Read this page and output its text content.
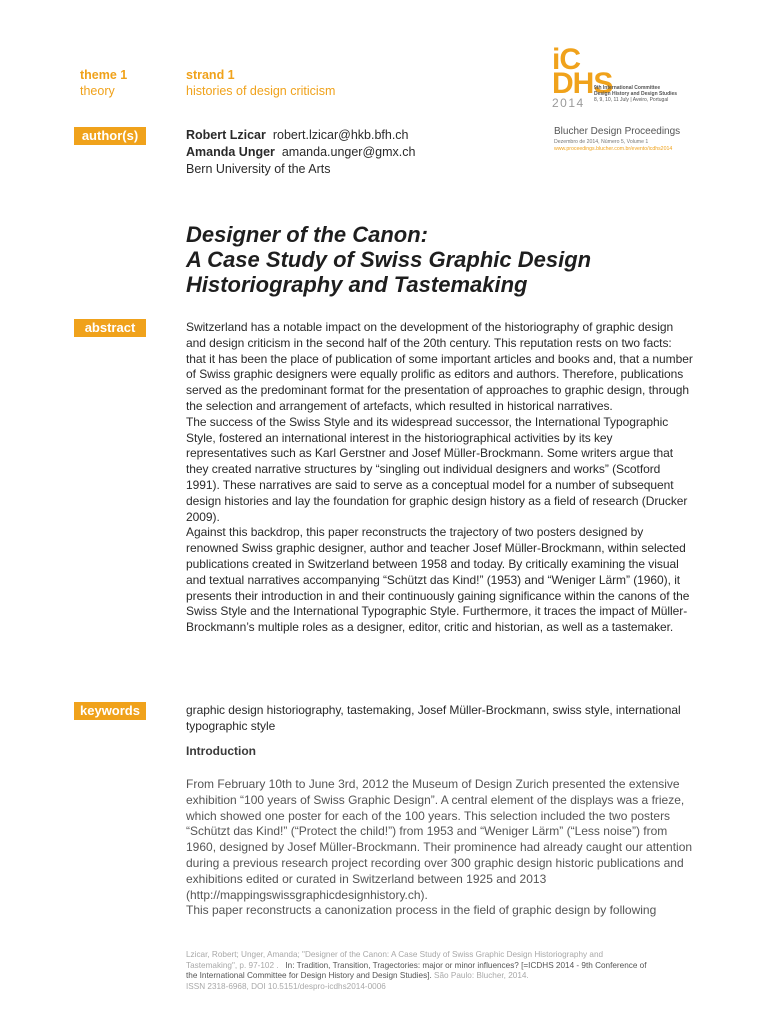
theme 1
theory
strand 1
histories of design criticism
iC
DHS
2014
9th International Committee
Design History and Design Studies
8, 9, 10, 11 July | Aveiro, Portugal
Blucher Design Proceedings
Dezembro de 2014, Número 5, Volume 1
www.proceedings.blucher.com.br/evento/icdhs2014
author(s)	Robert Lzicar robert.lzicar@hkb.bfh.ch
Amanda Unger amanda.unger@gmx.ch
Bern University of the Arts
Designer of the Canon:
A Case Study of Swiss Graphic Design
Historiography and Tastemaking
abstract	Switzerland has a notable impact on the development of the historiography of graphic design and design criticism in the second half of the 20th century. This reputation rests on two facts: that it has been the place of publication of some important articles and books and, that a number of Swiss graphic designers were equally prolific as editors and authors. Therefore, publications served as the predominant format for the presentation of approaches to graphic design, through the selection and arrangement of artefacts, which resulted in historical narratives.

The success of the Swiss Style and its widespread successor, the International Typographic Style, fostered an international interest in the historiographical activities by its key representatives such as Karl Gerstner and Josef Müller-Brockmann. Some writers argue that they created narrative structures by “singling out individual designers and works” (Scotford 1991). These narratives are said to serve as a conceptual model for a number of subsequent design histories and lay the foundation for graphic design history as a field of research (Drucker 2009).

Against this backdrop, this paper reconstructs the trajectory of two posters designed by renowned Swiss graphic designer, author and teacher Josef Müller-Brockmann, within selected publications created in Switzerland between 1958 and today. By critically examining the visual and textual narratives accompanying “Schützt das Kind!” (1953) and “Weniger Lärm” (1960), it presents their introduction in and their continuously gaining significance within the canons of the Swiss Style and the International Typographic Style. Furthermore, it traces the impact of Müller-Brockmann’s multiple roles as a designer, editor, critic and historian, as well as a tastemaker.

keywords	graphic design historiography, tastemaking, Josef Müller-Brockmann, swiss style, international typographic style

Introduction

From February 10th to June 3rd, 2012 the Museum of Design Zurich presented the extensive exhibition “100 years of Swiss Graphic Design”. A central element of the displays was a frieze, which showed one poster for each of the 100 years. This selection included the two posters “Schützt das Kind!” (“Protect the child!”) from 1953 and “Weniger Lärm” (“Less noise”) from 1960, designed by Josef Müller-Brockmann. Their prominence had already caught our attention during a previous research project recording over 300 graphic design historic publications and exhibitions edited or curated in Switzerland between 1925 and 2013 (http://mappingswissgraphicdesignhistory.ch).

This paper reconstructs a canonization process in the field of graphic design by following

Lzicar, Robert; Unger, Amanda; "Designer of the Canon: A Case Study of Swiss Graphic Design Historiography and
Tastemaking", p. 97-102 . In: Tradition, Transition, Tragectories: major or minor influences? [=ICDHS 2014 - 9th Conference of
the International Committee for Design History and Design Studies]. São Paulo: Blucher, 2014.
ISSN 2318-6968, DOI 10.5151/despro-icdhs2014-0006
